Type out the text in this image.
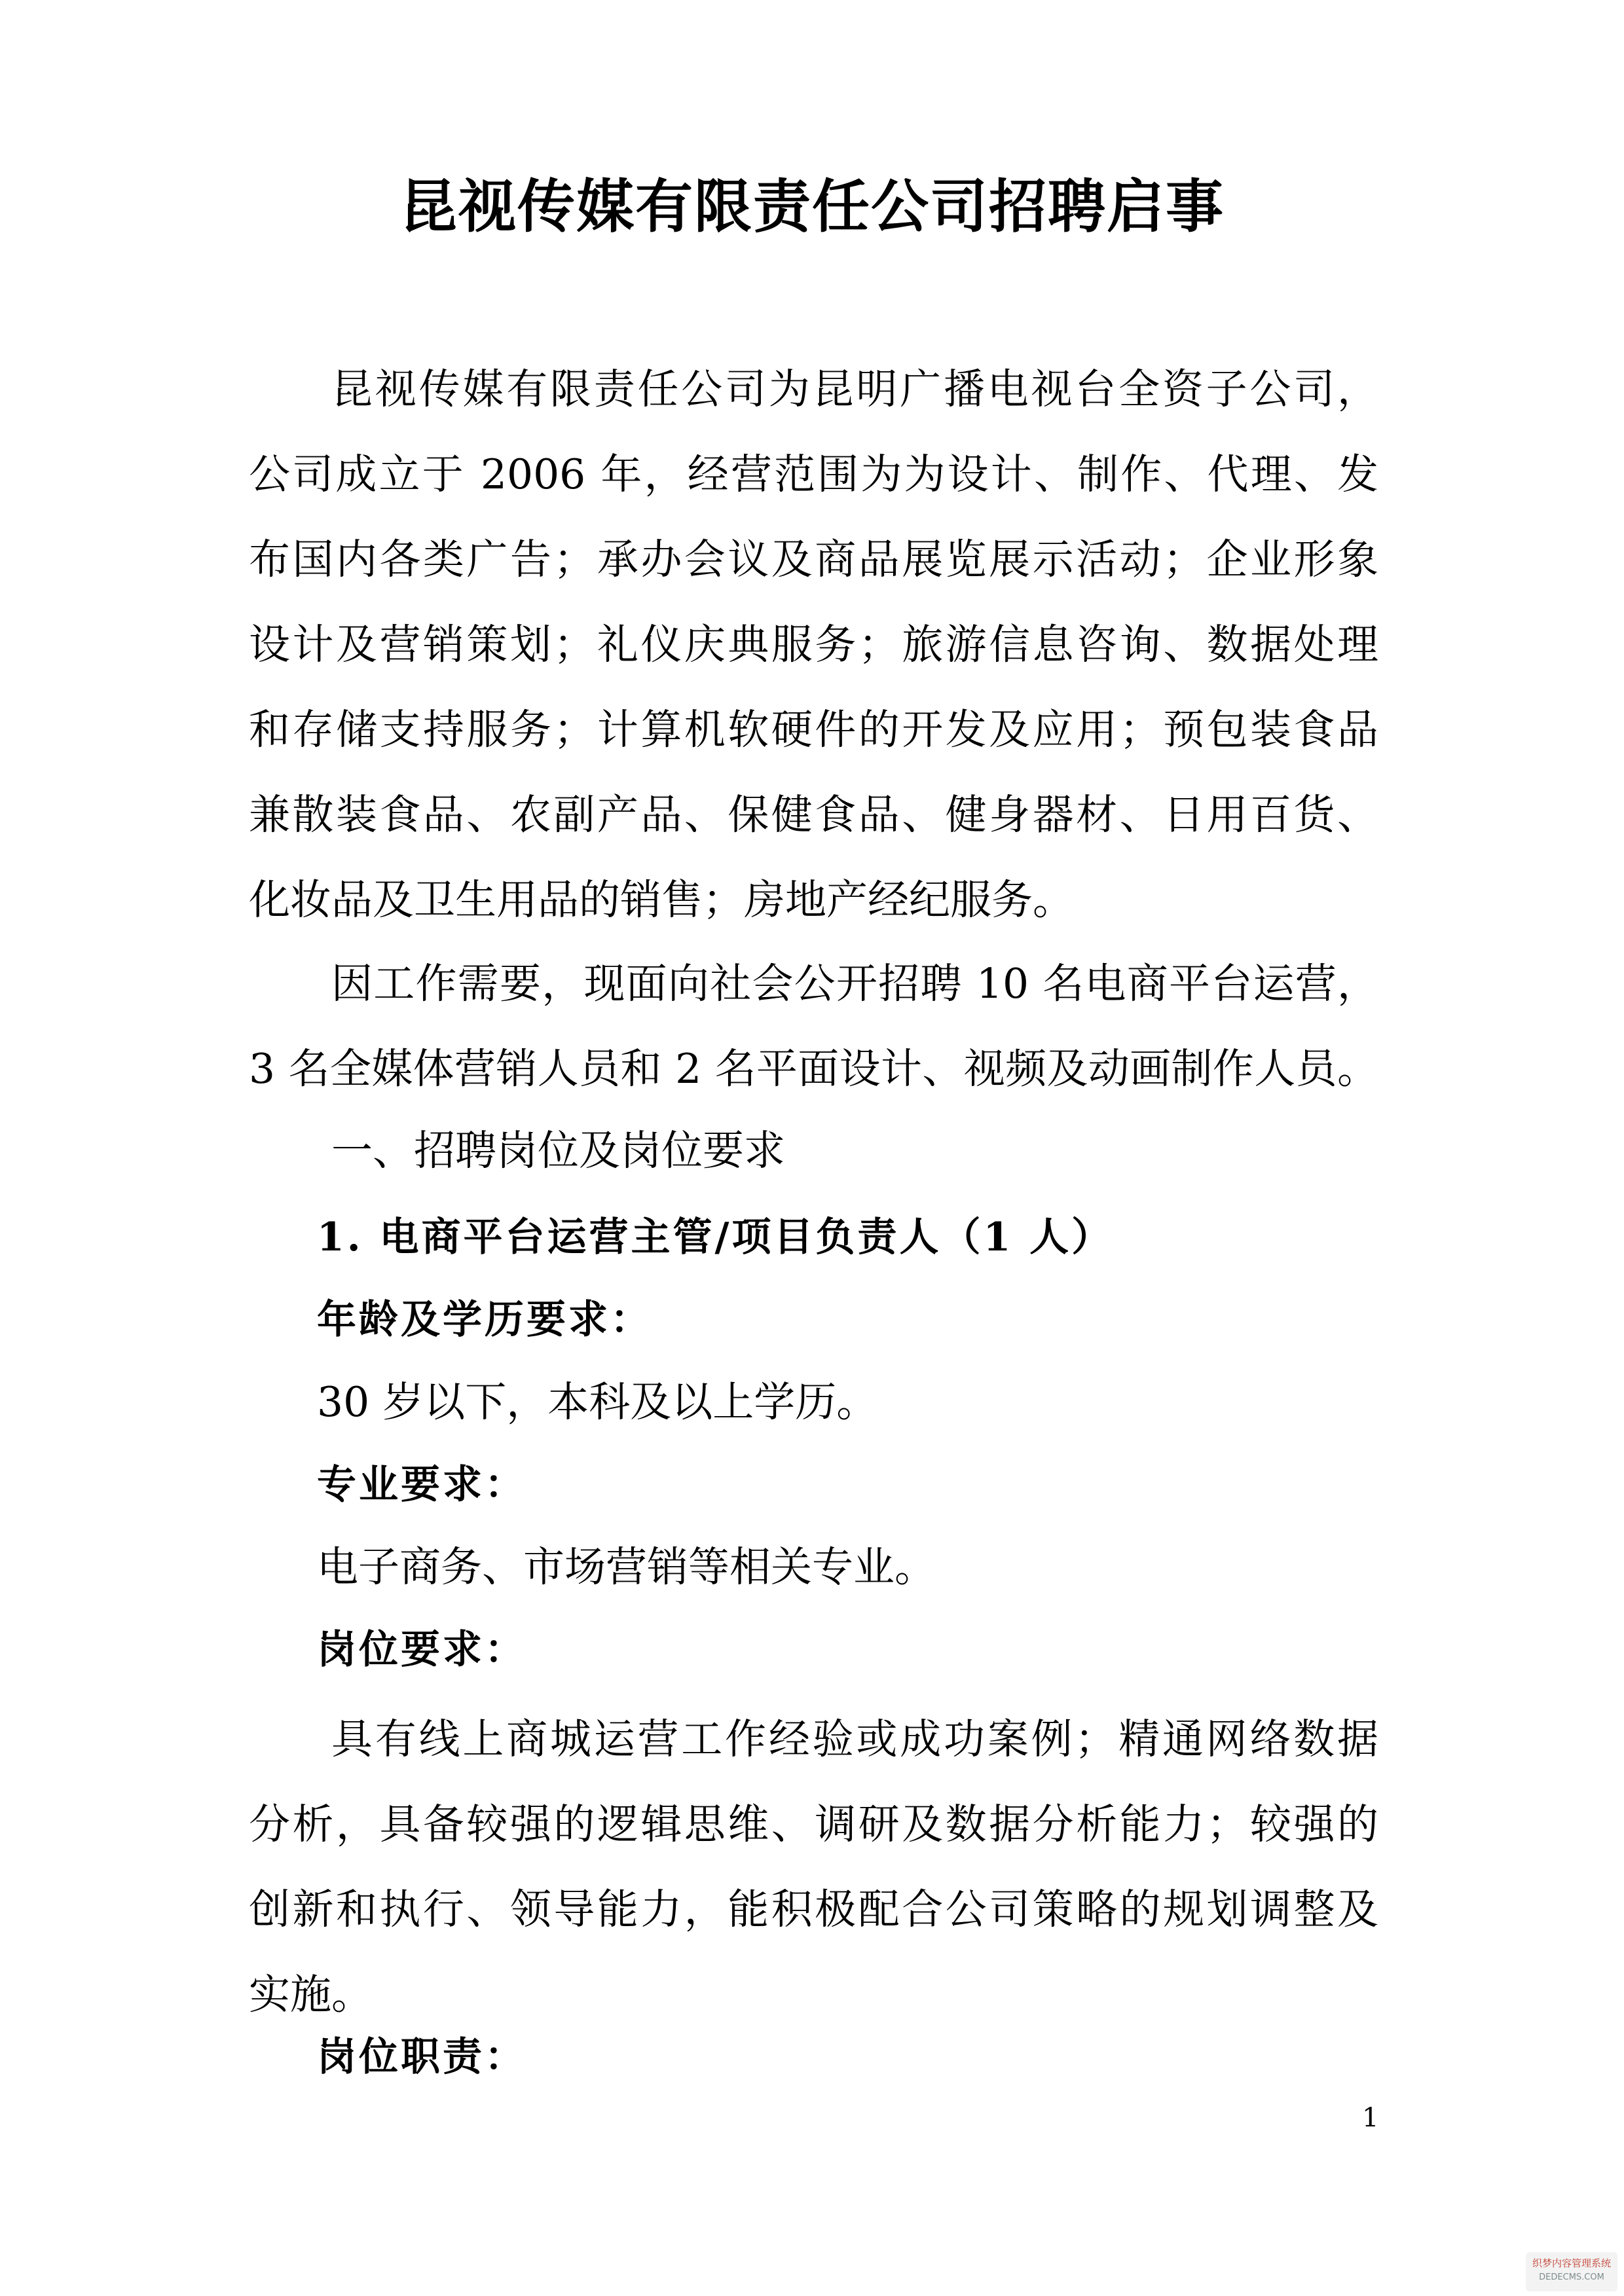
昆视传媒有限责任公司招聘启事
昆视传媒有限责任公司为昆明广播电视台全资子公司，
公司成立于 2006 年，经营范围为为设计、制作、代理、发
布国内各类广告；承办会议及商品展览展示活动；企业形象
设计及营销策划；礼仪庆典服务；旅游信息咨询、数据处理
和存储支持服务；计算机软硬件的开发及应用；预包装食品
兼散装食品、农副产品、保健食品、健身器材、日用百货、
化妆品及卫生用品的销售；房地产经纪服务。
因工作需要，现面向社会公开招聘 10 名电商平台运营，
3 名全媒体营销人员和 2 名平面设计、视频及动画制作人员。
一、招聘岗位及岗位要求
1. 电商平台运营主管/项目负责人（1 人）
年龄及学历要求：
30 岁以下，本科及以上学历。
专业要求：
电子商务、市场营销等相关专业。
岗位要求：
具有线上商城运营工作经验或成功案例；精通网络数据
分析，具备较强的逻辑思维、调研及数据分析能力；较强的
创新和执行、领导能力，能积极配合公司策略的规划调整及
实施。
岗位职责：
1
织梦内容管理系统
DEDECMS.COM
